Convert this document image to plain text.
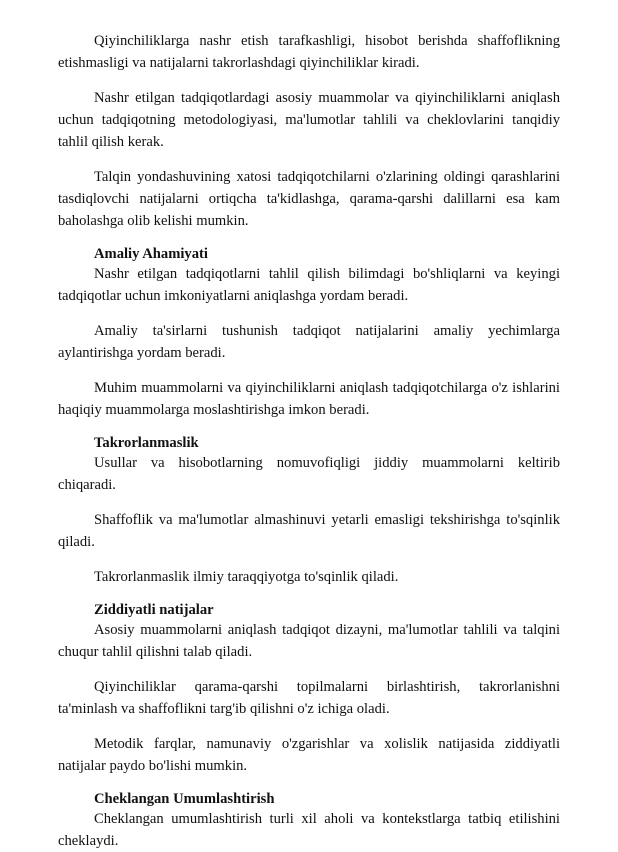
Qiyinchiliklarga nashr etish tarafkashligi, hisobot berishda shaffoflikning etishmasligi va natijalarni takrorlashdagi qiyinchiliklar kiradi.

Nashr etilgan tadqiqotlardagi asosiy muammolar va qiyinchiliklarni aniqlash uchun tadqiqotning metodologiyasi, ma'lumotlar tahlili va cheklovlarini tanqidiy tahlil qilish kerak.

Talqin yondashuvining xatosi tadqiqotchilarni o'zlarining oldingi qarashlarini tasdiqlovchi natijalarni ortiqcha ta'kidlashga, qarama-qarshi dalillarni esa kam baholashga olib kelishi mumkin.

Amaliy Ahamiyati

Nashr etilgan tadqiqotlarni tahlil qilish bilimdagi bo'shliqlarni va keyingi tadqiqotlar uchun imkoniyatlarni aniqlashga yordam beradi.

Amaliy ta'sirlarni tushunish tadqiqot natijalarini amaliy yechimlarga aylantirishga yordam beradi.

Muhim muammolarni va qiyinchiliklarni aniqlash tadqiqotchilarga o'z ishlarini haqiqiy muammolarga moslashtirishga imkon beradi.

Takrorlanmaslik

Usullar va hisobotlarning nomuvofiqligi jiddiy muammolarni keltirib chiqaradi.

Shaffoflik va ma'lumotlar almashinuvi yetarli emasligi tekshirishga to'sqinlik qiladi.

Takrorlanmaslik ilmiy taraqqiyotga to'sqinlik qiladi.

Ziddiyatli natijalar

Asosiy muammolarni aniqlash tadqiqot dizayni, ma'lumotlar tahlili va talqini chuqur tahlil qilishni talab qiladi.

Qiyinchiliklar qarama-qarshi topilmalarni birlashtirish, takrorlanishni ta'minlash va shaffoflikni targ'ib qilishni o'z ichiga oladi.

Metodik farqlar, namunaviy o'zgarishlar va xolislik natijasida ziddiyatli natijalar paydo bo'lishi mumkin.

Cheklangan Umumlashtirish

Cheklangan umumlashtirish turli xil aholi va kontekstlarga tatbiq etilishini cheklaydi.
